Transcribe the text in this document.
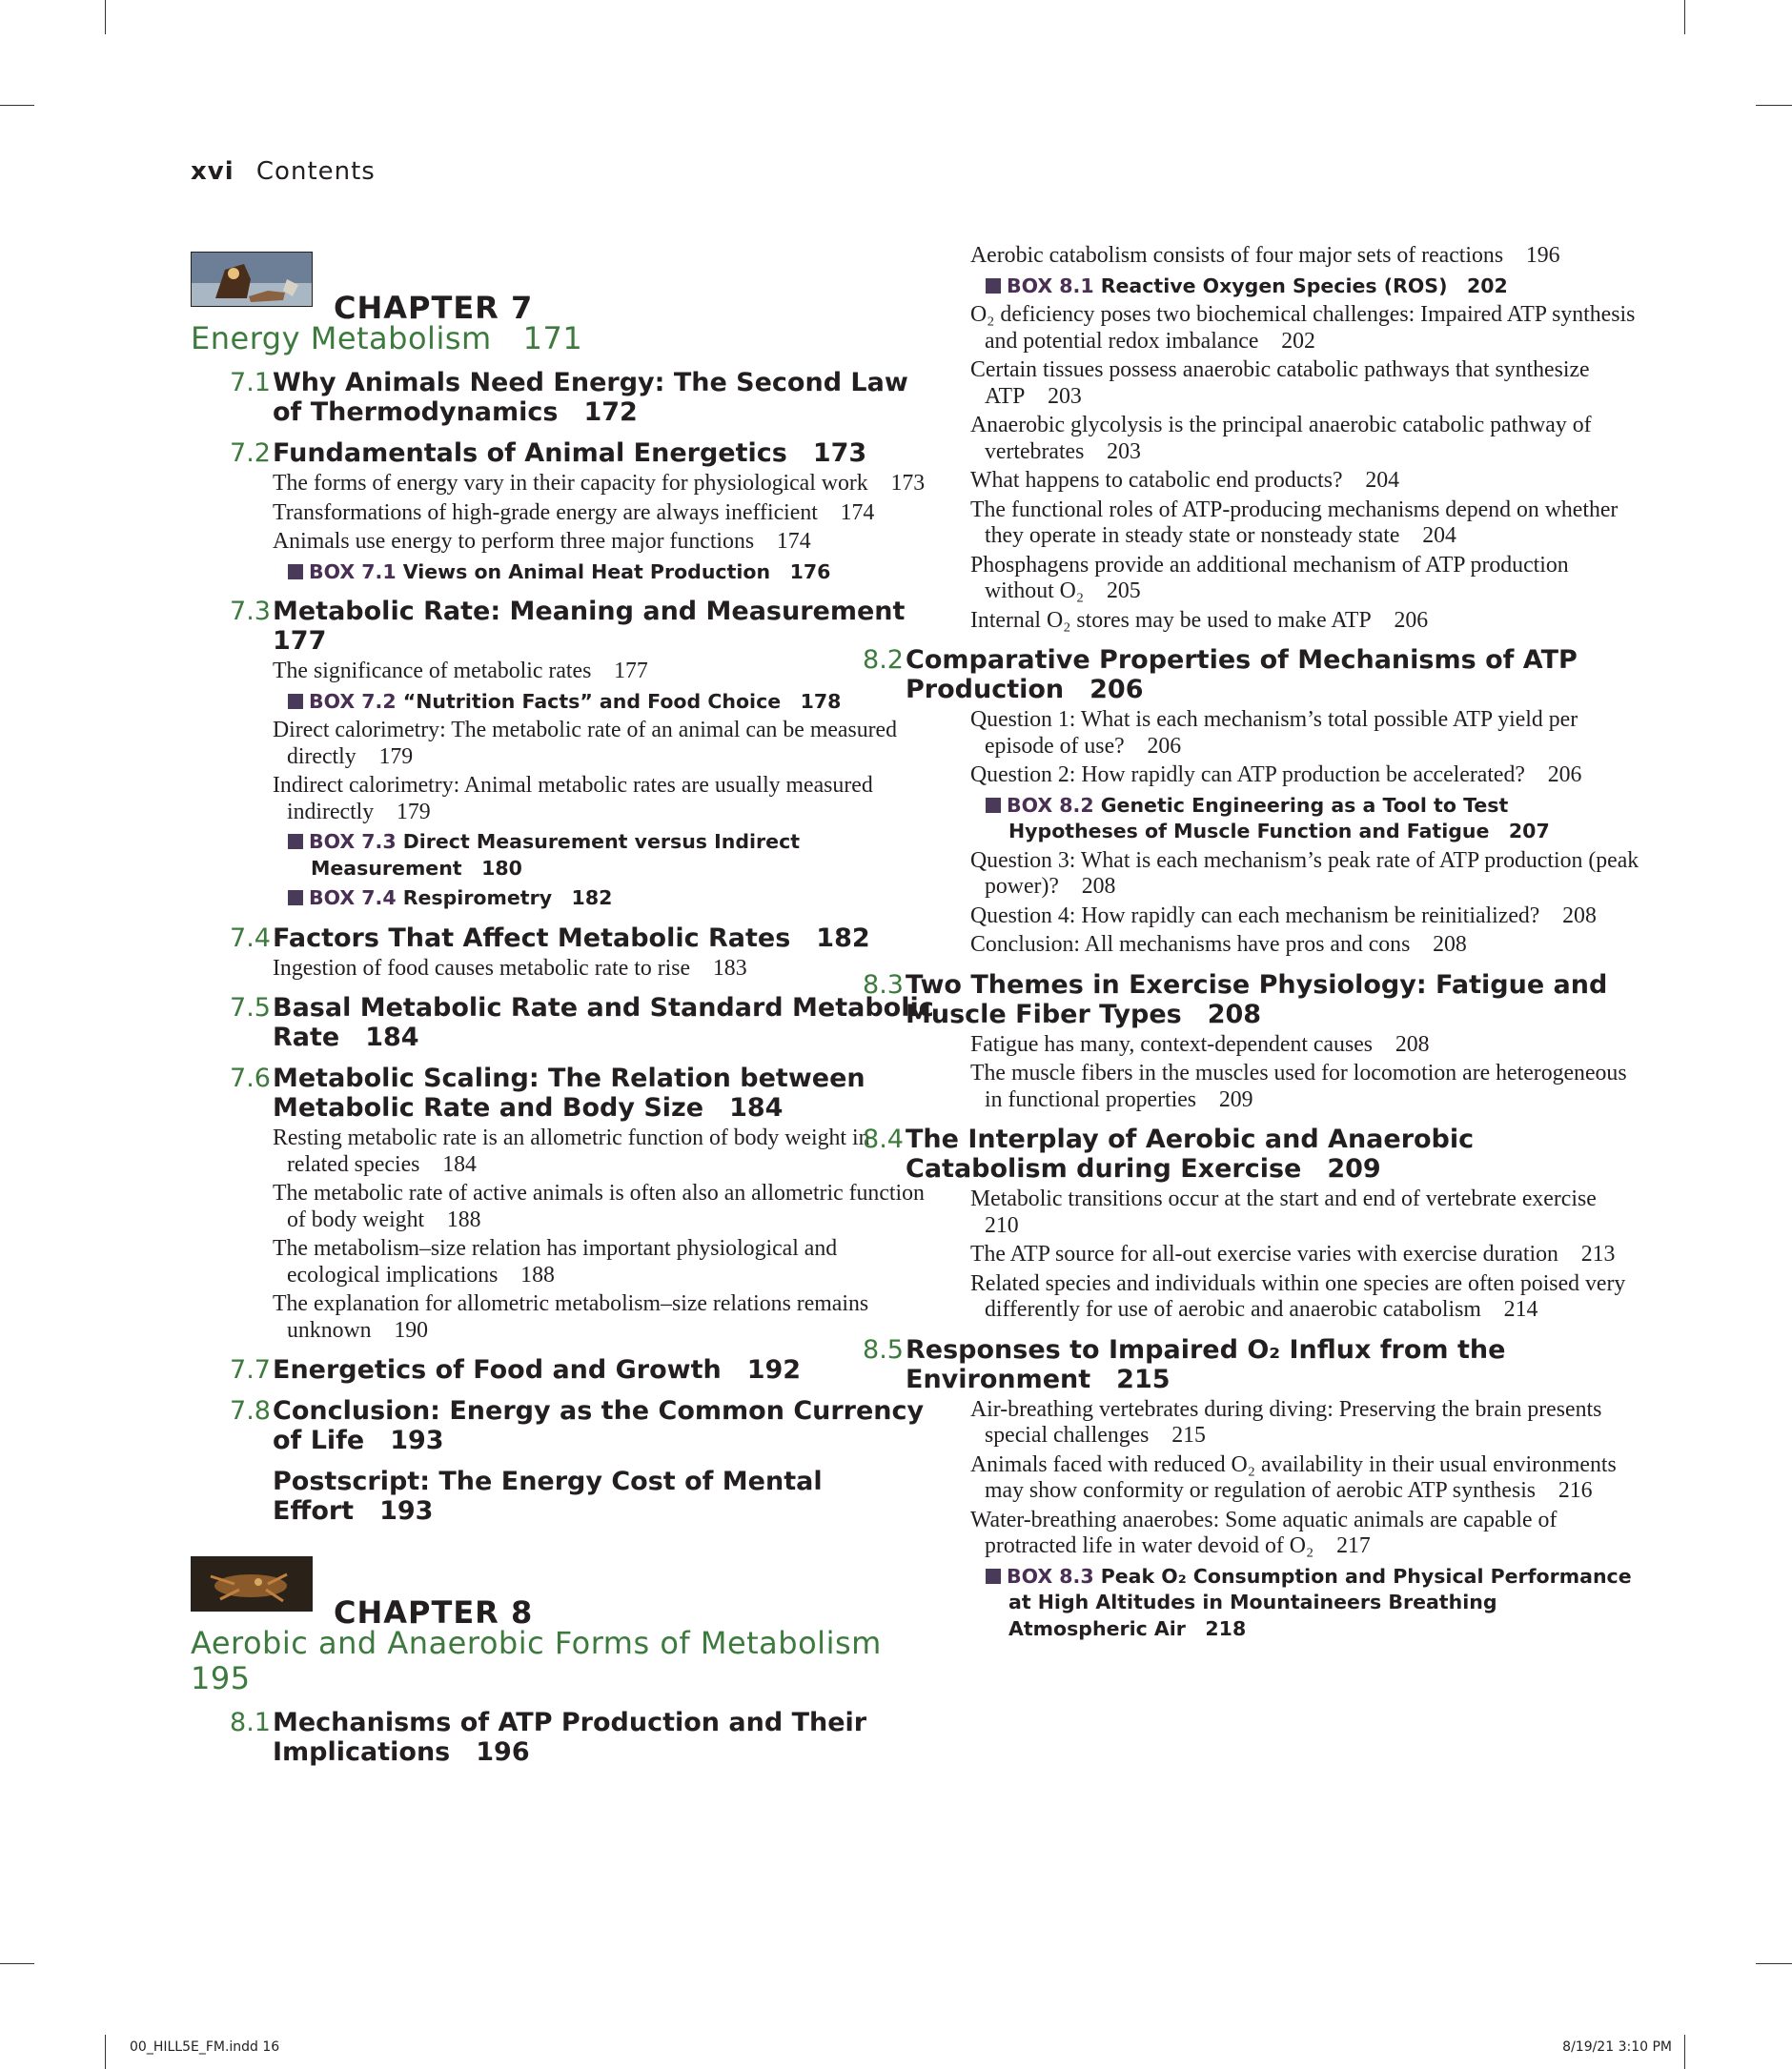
xvi Contents
CHAPTER 7
Energy Metabolism  171
7.1 Why Animals Need Energy: The Second Law of Thermodynamics  172
7.2 Fundamentals of Animal Energetics  173
The forms of energy vary in their capacity for physiological work  173
Transformations of high-grade energy are always inefficient  174
Animals use energy to perform three major functions  174
BOX 7.1 Views on Animal Heat Production  176
7.3 Metabolic Rate: Meaning and Measurement  177
The significance of metabolic rates  177
BOX 7.2 “Nutrition Facts” and Food Choice  178
Direct calorimetry: The metabolic rate of an animal can be measured directly  179
Indirect calorimetry: Animal metabolic rates are usually measured indirectly  179
BOX 7.3 Direct Measurement versus Indirect Measurement  180
BOX 7.4 Respirometry  182
7.4 Factors That Affect Metabolic Rates  182
Ingestion of food causes metabolic rate to rise  183
7.5 Basal Metabolic Rate and Standard Metabolic Rate  184
7.6 Metabolic Scaling: The Relation between Metabolic Rate and Body Size  184
Resting metabolic rate is an allometric function of body weight in related species  184
The metabolic rate of active animals is often also an allometric function of body weight  188
The metabolism–size relation has important physiological and ecological implications  188
The explanation for allometric metabolism–size relations remains unknown  190
7.7 Energetics of Food and Growth  192
7.8 Conclusion: Energy as the Common Currency of Life  193
Postscript: The Energy Cost of Mental Effort  193
CHAPTER 8
Aerobic and Anaerobic Forms of Metabolism  195
8.1 Mechanisms of ATP Production and Their Implications  196
Aerobic catabolism consists of four major sets of reactions  196
BOX 8.1 Reactive Oxygen Species (ROS)  202
O₂ deficiency poses two biochemical challenges: Impaired ATP synthesis and potential redox imbalance  202
Certain tissues possess anaerobic catabolic pathways that synthesize ATP  203
Anaerobic glycolysis is the principal anaerobic catabolic pathway of vertebrates  203
What happens to catabolic end products?  204
The functional roles of ATP-producing mechanisms depend on whether they operate in steady state or nonsteady state  204
Phosphagens provide an additional mechanism of ATP production without O₂  205
Internal O₂ stores may be used to make ATP  206
8.2 Comparative Properties of Mechanisms of ATP Production  206
Question 1: What is each mechanism’s total possible ATP yield per episode of use?  206
Question 2: How rapidly can ATP production be accelerated?  206
BOX 8.2 Genetic Engineering as a Tool to Test Hypotheses of Muscle Function and Fatigue  207
Question 3: What is each mechanism’s peak rate of ATP production (peak power)?  208
Question 4: How rapidly can each mechanism be reinitialized?  208
Conclusion: All mechanisms have pros and cons  208
8.3 Two Themes in Exercise Physiology: Fatigue and Muscle Fiber Types  208
Fatigue has many, context-dependent causes  208
The muscle fibers in the muscles used for locomotion are heterogeneous in functional properties  209
8.4 The Interplay of Aerobic and Anaerobic Catabolism during Exercise  209
Metabolic transitions occur at the start and end of vertebrate exercise  210
The ATP source for all-out exercise varies with exercise duration  213
Related species and individuals within one species are often poised very differently for use of aerobic and anaerobic catabolism  214
8.5 Responses to Impaired O₂ Influx from the Environment  215
Air-breathing vertebrates during diving: Preserving the brain presents special challenges  215
Animals faced with reduced O₂ availability in their usual environments may show conformity or regulation of aerobic ATP synthesis  216
Water-breathing anaerobes: Some aquatic animals are capable of protracted life in water devoid of O₂  217
BOX 8.3 Peak O₂ Consumption and Physical Performance at High Altitudes in Mountaineers Breathing Atmospheric Air  218
00_HILL5E_FM.indd 16	8/19/21 3:10 PM
